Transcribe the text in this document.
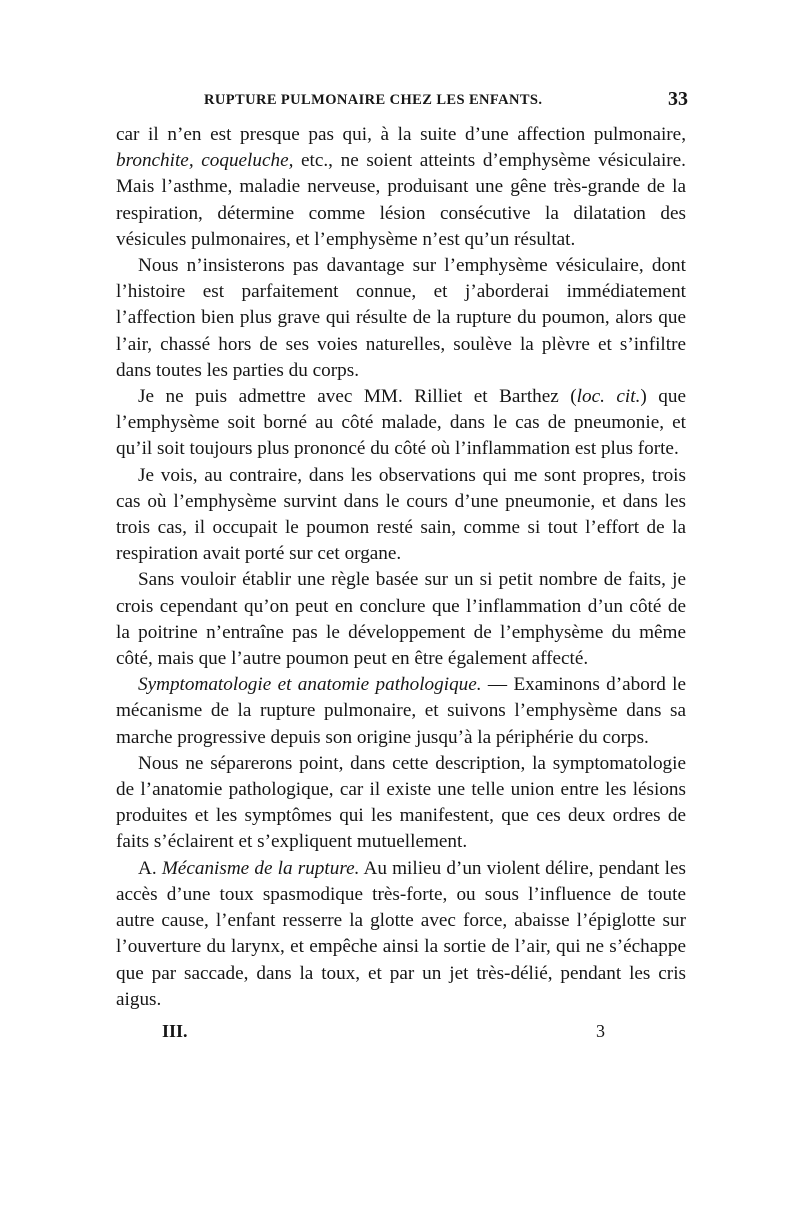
RUPTURE PULMONAIRE CHEZ LES ENFANTS.	33

car il n’en est presque pas qui, à la suite d’une affection pulmonaire, bronchite, coqueluche, etc., ne soient atteints d’emphysème vésiculaire. Mais l’asthme, maladie nerveuse, produisant une gêne très-grande de la respiration, détermine comme lésion consécutive la dilatation des vésicules pulmonaires, et l’emphysème n’est qu’un résultat.

Nous n’insisterons pas davantage sur l’emphysème vésiculaire, dont l’histoire est parfaitement connue, et j’aborderai immédiatement l’affection bien plus grave qui résulte de la rupture du poumon, alors que l’air, chassé hors de ses voies naturelles, soulève la plèvre et s’infiltre dans toutes les parties du corps.

Je ne puis admettre avec MM. Rilliet et Barthez (loc. cit.) que l’emphysème soit borné au côté malade, dans le cas de pneumonie, et qu’il soit toujours plus prononcé du côté où l’inflammation est plus forte.

Je vois, au contraire, dans les observations qui me sont propres, trois cas où l’emphysème survint dans le cours d’une pneumonie, et dans les trois cas, il occupait le poumon resté sain, comme si tout l’effort de la respiration avait porté sur cet organe.

Sans vouloir établir une règle basée sur un si petit nombre de faits, je crois cependant qu’on peut en conclure que l’inflammation d’un côté de la poitrine n’entraîne pas le développement de l’emphysème du même côté, mais que l’autre poumon peut en être également affecté.

Symptomatologie et anatomie pathologique. — Examinons d’abord le mécanisme de la rupture pulmonaire, et suivons l’emphysème dans sa marche progressive depuis son origine jusqu’à la périphérie du corps.

Nous ne séparerons point, dans cette description, la symptomatologie de l’anatomie pathologique, car il existe une telle union entre les lésions produites et les symptômes qui les manifestent, que ces deux ordres de faits s’éclairent et s’expliquent mutuellement.

A. Mécanisme de la rupture. Au milieu d’un violent délire, pendant les accès d’une toux spasmodique très-forte, ou sous l’influence de toute autre cause, l’enfant resserre la glotte avec force, abaisse l’épiglotte sur l’ouverture du larynx, et empêche ainsi la sortie de l’air, qui ne s’échappe que par saccade, dans la toux, et par un jet très-délié, pendant les cris aigus.

III.	3
